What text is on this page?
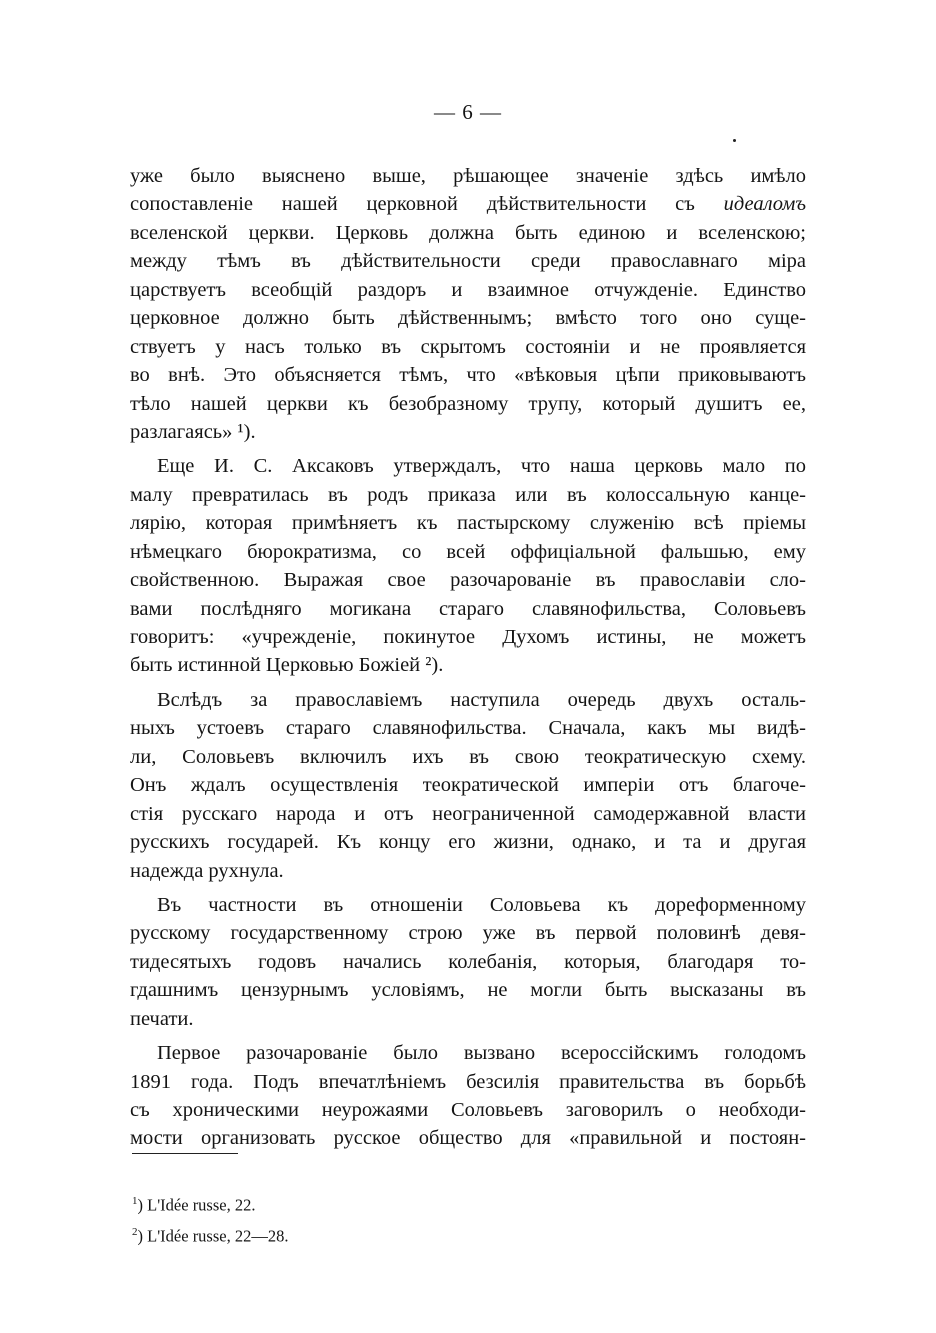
— 6 —
уже было выяснено выше, рѣшающее значенiе здѣсь имѣло
сопоставленiе нашей церковной дѣйствительности съ идеаломъ
вселенской церкви. Церковь должна быть единою и вселенскою;
между тѣмъ въ дѣйствительности среди православнаго мiра
царствуетъ всеобщiй раздоръ и взаимное отчужденiе. Единство
церковное должно быть дѣйственнымъ; вмѣсто того оно суще-
ствуетъ у насъ только въ скрытомъ состоянiи и не проявляется
во внѣ. Это объясняется тѣмъ, что «вѣковыя цѣпи приковываютъ
тѣло нашей церкви къ безобразному трупу, который душитъ ее,
разлагаясь» ¹).
Еще И. С. Аксаковъ утверждалъ, что наша церковь мало по
малу превратилась въ родъ приказа или въ колоссальную канце-
лярiю, которая примѣняетъ къ пастырскому служенiю всѣ прiемы
нѣмецкаго бюрократизма, со всей оффицiальной фальшью, ему
свойственною. Выражая свое разочарованiе въ православiи сло-
вами послѣдняго могикана стараго славянофильства, Соловьевъ
говоритъ: «учрежденiе, покинутое Духомъ истины, не можетъ
быть истинной Церковью Божiей ²).
Вслѣдъ за православiемъ наступила очередь двухъ осталь-
ныхъ устоевъ стараго славянофильства. Сначала, какъ мы видѣ-
ли, Соловьевъ включилъ ихъ въ свою теократическую схему.
Онъ ждалъ осуществленiя теократической имперiи отъ благоче-
стiя русскаго народа и отъ неограниченной самодержавной власти
русскихъ государей. Къ концу его жизни, однако, и та и другая
надежда рухнула.
Въ частности въ отношенiи Соловьева къ дореформенному
русскому государственному строю уже въ первой половинѣ девя-
тидесятыхъ годовъ начались колебанiя, которыя, благодаря то-
гдашнимъ цензурнымъ условiямъ, не могли быть высказаны въ
печати.
Первое разочарованiе было вызвано всероссiйскимъ голодомъ
1891 года. Подъ впечатлѣнiемъ безсилiя правительства въ борьбѣ
съ хроническими неурожаями Соловьевъ заговорилъ о необходи-
мости организовать русское общество для «правильной и постоян-
$^1$) L'Idée russe, 22.
$^2$) L'Idée russe, 22—28.
